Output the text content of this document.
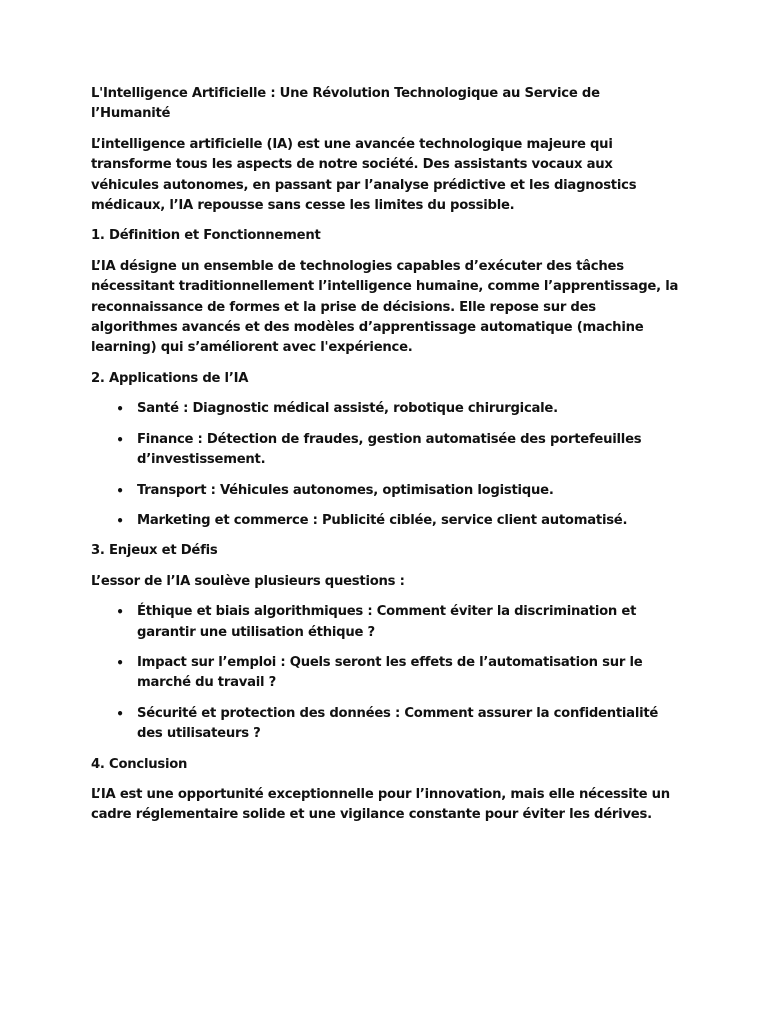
L'Intelligence Artificielle : Une Révolution Technologique au Service de l’Humanité

L’intelligence artificielle (IA) est une avancée technologique majeure qui transforme tous les aspects de notre société. Des assistants vocaux aux véhicules autonomes, en passant par l’analyse prédictive et les diagnostics médicaux, l’IA repousse sans cesse les limites du possible.

1. Définition et Fonctionnement

L’IA désigne un ensemble de technologies capables d’exécuter des tâches nécessitant traditionnellement l’intelligence humaine, comme l’apprentissage, la reconnaissance de formes et la prise de décisions. Elle repose sur des algorithmes avancés et des modèles d’apprentissage automatique (machine learning) qui s’améliorent avec l'expérience.

2. Applications de l’IA
•
Santé : Diagnostic médical assisté, robotique chirurgicale.
•
Finance : Détection de fraudes, gestion automatisée des portefeuilles d’investissement.
•
Transport : Véhicules autonomes, optimisation logistique.
•
Marketing et commerce : Publicité ciblée, service client automatisé.
3. Enjeux et Défis

L’essor de l’IA soulève plusieurs questions :

•
Éthique et biais algorithmiques : Comment éviter la discrimination et garantir une utilisation éthique ?
•
Impact sur l’emploi : Quels seront les effets de l’automatisation sur le marché du travail ?
•
Sécurité et protection des données : Comment assurer la confidentialité des utilisateurs ?
4. Conclusion

L’IA est une opportunité exceptionnelle pour l’innovation, mais elle nécessite un cadre réglementaire solide et une vigilance constante pour éviter les dérives.
